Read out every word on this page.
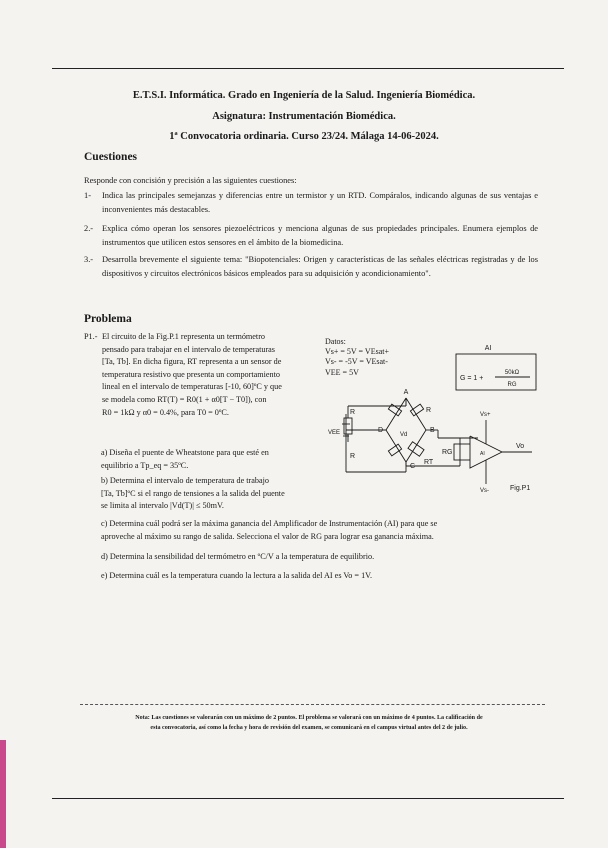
E.T.S.I. Informática. Grado en Ingeniería de la Salud. Ingeniería Biomédica.
Asignatura: Instrumentación Biomédica.
1ª Convocatoria ordinaria. Curso 23/24. Málaga 14-06-2024.
Cuestiones
Responde con concisión y precisión a las siguientes cuestiones:
1- Indica las principales semejanzas y diferencias entre un termistor y un RTD. Compáralos, indicando algunas de sus ventajas e inconvenientes más destacables.
2.- Explica cómo operan los sensores piezoeléctricos y menciona algunas de sus propiedades principales. Enumera ejemplos de instrumentos que utilicen estos sensores en el ámbito de la biomedicina.
3.- Desarrolla brevemente el siguiente tema: "Biopotenciales: Origen y características de las señales eléctricas registradas y de los dispositivos y circuitos electrónicos básicos empleados para su adquisición y acondicionamiento".
Problema
P1.- El circuito de la Fig.P.1 representa un termómetro
pensado para trabajar en el intervalo de temperaturas
[Ta, Tb]. En dicha figura, RT representa a un sensor de
temperatura resistivo que presenta un comportamiento
lineal en el intervalo de temperaturas [-10, 60]ºC y que
se modela como RT(T) = R0(1 + α0[T − T0]), con
R0 = 1kΩ y α0 = 0.4%, para T0 = 0ºC.
a) Diseña el puente de Wheatstone para que esté en
equilibrio a Tp_eq = 35ºC.
b) Determina el intervalo de temperatura de trabajo
[Ta, Tb]ºC si el rango de tensiones a la salida del puente
se limita al intervalo |Vd(T)| ≤ 50mV.
c) Determina cuál podrá ser la máxima ganancia del Amplificador de Instrumentación (AI) para que se
aproveche al máximo su rango de salida. Selecciona el valor de RG para lograr esa ganancia máxima.
d) Determina la sensibilidad del termómetro en ºC/V a la temperatura de equilibrio.
e) Determina cuál es la temperatura cuando la lectura a la salida del AI es Vo = 1V.
Datos:
Vs+ = 5V = VEsat+
Vs- = -5V = VEsat-
VEE = 5V
AI
G = 1 +
50kΩ
RG
A
B
C
D
R	R
R
RT
RG
Vd
VEE
Vs+
Vs-
Vo
AI
Fig.P1
Nota: Las cuestiones se valorarán con un máximo de 2 puntos. El problema se valorará con un máximo de 4 puntos. La calificación de
esta convocatoria, así como la fecha y hora de revisión del examen, se comunicará en el campus virtual antes del 2 de julio.
